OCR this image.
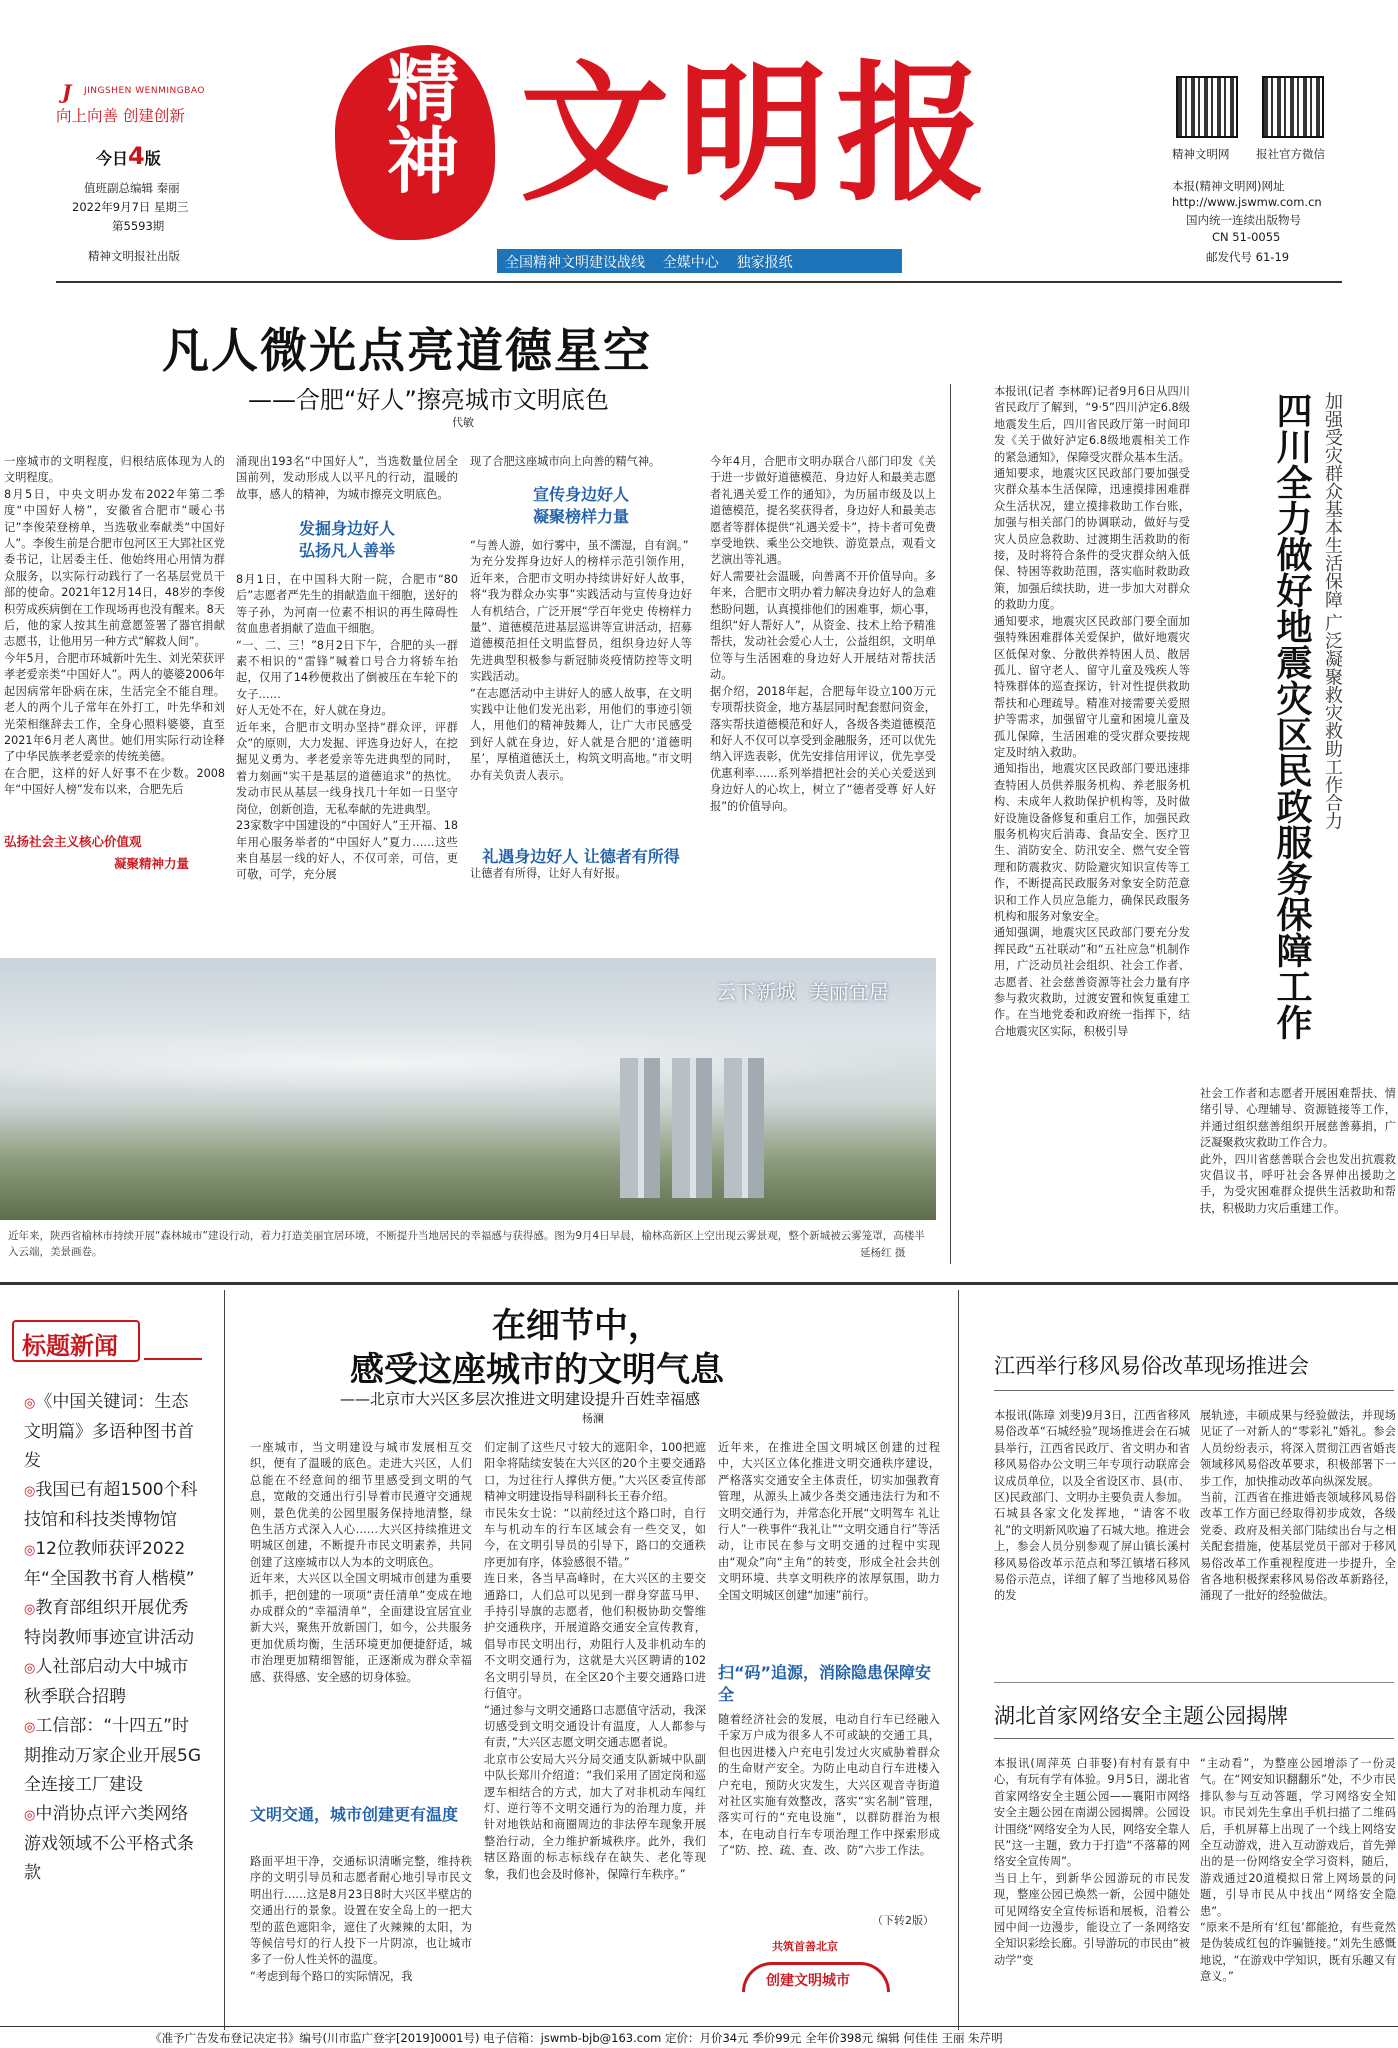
J JINGSHEN WENMINGBAO
向上向善 创建创新
今日4版
值班副总编辑 秦丽
2022年9月7日 星期三
第5593期
精神文明报社出版
精神 文明报
全国精神文明建设战线    全媒中心    独家报纸
精神文明网 报社官方微信
本报(精神文明网)网址
http://www.jswmw.com.cn
国内统一连续出版物号
CN 51-0055
邮发代号 61-19
凡人微光点亮道德星空
——合肥“好人”擦亮城市文明底色
代敏
一座城市的文明程度，归根结底体现为人的文明程度。
8月5日，中央文明办发布2022年第二季度“中国好人榜”，安徽省合肥市“暖心书记”李俊荣登榜单，当选敬业奉献类“中国好人”。李俊生前是合肥市包河区王大郢社区党委书记，让居委主任、他始终用心用情为群众服务，以实际行动践行了一名基层党员干部的使命。2021年12月14日，48岁的李俊积劳成疾病倒在工作现场再也没有醒来。8天后，他的家人按其生前意愿签署了器官捐献志愿书，让他用另一种方式“解救人间”。
今年5月，合肥市环城新叶先生、刘光荣获评孝老爱亲类“中国好人”。两人的婆婆2006年起因病常年卧病在床，生活完全不能自理。老人的两个儿子常年在外打工，叶先华和刘光荣相继辞去工作，全身心照料婆婆，直至2021年6月老人离世。她们用实际行动诠释了中华民族孝老爱亲的传统美德。
在合肥，这样的好人好事不在少数。2008年“中国好人榜”发布以来，合肥先后
弘扬社会主义核心价值观
凝聚精神力量
涌现出193名“中国好人”，当选数量位居全国前列，发动形成人以平凡的行动，温暖的故事，感人的精神，为城市擦亮文明底色。
发掘身边好人
弘扬凡人善举
8月1日，在中国科大附一院，合肥市“80后”志愿者严先生的捐献造血干细胞，送好的等子孙，为河南一位素不相识的再生障碍性贫血患者捐献了造血干细胞。
“一、二、三！”8月2日下午，合肥的头一群素不相识的“雷锋”喊着口号合力将轿车抬起，仅用了14秒便救出了倒被压在车轮下的女子……
好人无处不在，好人就在身边。
近年来，合肥市文明办坚持“群众评，评群众”的原则，大力发掘、评选身边好人，在挖掘见义勇为、孝老爱亲等先进典型的同时，着力刻画“实干是基层的道德追求”的热忱。发动市民从基层一线身找几十年如一日坚守岗位，创新创造，无私奉献的先进典型。
23家数字中国建设的“中国好人”王开福、18年用心服务举者的“中国好人”夏力……这些来自基层一线的好人，不仅可亲，可信，更可敬，可学，充分展
现了合肥这座城市向上向善的精气神。
宣传身边好人
凝聚榜样力量
“与善人游，如行雾中，虽不濡湿，自有润。”
为充分发挥身边好人的榜样示范引领作用，近年来，合肥市文明办持续讲好好人故事，将“我为群众办实事”实践活动与宣传身边好人有机结合，广泛开展“学百年党史 传榜样力量”、道德模范进基层巡讲等宣讲活动，招募道德模范担任文明监督员，组织身边好人等先进典型积极参与新冠肺炎疫情防控等文明实践活动。
“在志愿活动中主讲好人的感人故事，在文明实践中让他们发光出彩，用他们的事迹引领人，用他们的精神鼓舞人，让广大市民感受到好人就在身边，好人就是合肥的‘道德明星’，厚植道德沃土，构筑文明高地。”市文明办有关负责人表示。
让德者有所得，让好人有好报。
今年4月，合肥市文明办联合八部门印发《关于进一步做好道德模范、身边好人和最美志愿者礼遇关爱工作的通知》，为历届市级及以上道德模范，提名奖获得者，身边好人和最美志愿者等群体提供“礼遇关爱卡”，持卡者可免费享受地铁、乘坐公交地铁、游览景点，观看文艺演出等礼遇。
好人需要社会温暖，向善离不开价值导向。多年来，合肥市文明办着力解决身边好人的急难愁盼问题，认真摸排他们的困难事，烦心事，组织“好人帮好人”，从资金、技术上给予精准帮扶，发动社会爱心人士，公益组织，文明单位等与生活困难的身边好人开展结对帮扶活动。
据介绍，2018年起，合肥每年设立100万元专项帮扶资金，地方基层同时配套慰问资金，落实帮扶道德模范和好人，各级各类道德模范和好人不仅可以享受到金融服务，还可以优先纳入评选表彰，优先安排信用评议，优先享受优惠利率……系列举措把社会的关心关爱送到身边好人的心坎上，树立了“德者受尊 好人好报”的价值导向。
礼遇身边好人 让德者有所得
本报讯(记者 李林晖)记者9月6日从四川省民政厅了解到，“9·5”四川泸定6.8级地震发生后，四川省民政厅第一时间印发《关于做好泸定6.8级地震相关工作的紧急通知》，保障受灾群众基本生活。
通知要求，地震灾区民政部门要加强受灾群众基本生活保障，迅速摸排困难群众生活状况，建立摸排救助工作台账，加强与相关部门的协调联动，做好与受灾人员应急救助、过渡期生活救助的衔接，及时将符合条件的受灾群众纳入低保、特困等救助范围，落实临时救助政策，加强后续扶助，进一步加大对群众的救助力度。
通知要求，地震灾区民政部门要全面加强特殊困难群体关爱保护，做好地震灾区低保对象、分散供养特困人员、散居孤儿、留守老人、留守儿童及残疾人等特殊群体的巡查探访，针对性提供救助帮扶和心理疏导。精准对接需要关爱照护等需求，加强留守儿童和困境儿童及孤儿保障，生活困难的受灾群众要按规定及时纳入救助。
通知指出，地震灾区民政部门要迅速排查特困人员供养服务机构、养老服务机构、未成年人救助保护机构等，及时做好设施设备修复和重启工作，加强民政服务机构灾后消毒、食品安全、医疗卫生、消防安全、防汛安全、燃气安全管理和防震救灾、防险避灾知识宣传等工作，不断提高民政服务对象安全防范意识和工作人员应急能力，确保民政服务机构和服务对象安全。
通知强调，地震灾区民政部门要充分发挥民政“五社联动”和“五社应急”机制作用，广泛动员社会组织、社会工作者、志愿者、社会慈善资源等社会力量有序参与救灾救助，过渡安置和恢复重建工作。在当地党委和政府统一指挥下，结合地震灾区实际，积极引导	四川全力做好地震灾区民政服务保障工作 加强受灾群众基本生活保障 广泛凝聚救灾救助工作合力
社会工作者和志愿者开展困难帮扶、情绪引导、心理辅导、资源链接等工作，并通过组织慈善组织开展慈善募捐，广泛凝聚救灾救助工作合力。
此外，四川省慈善联合会也发出抗震救灾倡议书，呼吁社会各界伸出援助之手，为受灾困难群众提供生活救助和帮扶，积极助力灾后重建工作。
云下新城  美丽宜居
近年来，陕西省榆林市持续开展“森林城市”建设行动，着力打造美丽宜居环境，不断提升当地居民的幸福感与获得感。图为9月4日早晨，榆林高新区上空出现云雾景观，整个新城被云雾笼罩，高楼半入云端，美景画卷。	延杨红 摄
标题新闻
◎《中国关键词：生态文明篇》多语种图书首发
◎我国已有超1500个科技馆和科技类博物馆
◎12位教师获评2022年“全国教书育人楷模”
◎教育部组织开展优秀特岗教师事迹宣讲活动
◎人社部启动大中城市秋季联合招聘
◎工信部：“十四五”时期推动万家企业开展5G全连接工厂建设
◎中消协点评六类网络游戏领域不公平格式条款
在细节中，
感受这座城市的文明气息
——北京市大兴区多层次推进文明建设提升百姓幸福感
杨澜
一座城市，当文明建设与城市发展相互交织，便有了温暖的底色。走进大兴区，人们总能在不经意间的细节里感受到文明的气息，宽敞的交通出行引导着市民遵守交通规则，景色优美的公园里服务保持地清整，绿色生活方式深入人心……大兴区持续推进文明城区创建，不断提升市民文明素养，共同创建了这座城市以人为本的文明底色。
近年来，大兴区以全国文明城市创建为重要抓手，把创建的一项项“责任清单”变成在地办成群众的“幸福清单”，全面建设宜居宜业新大兴，聚焦开放新国门，如今，公共服务更加优质均衡，生活环境更加便捷舒适，城市治理更加精细智能，正逐渐成为群众幸福感、获得感、安全感的切身体验。
文明交通，城市创建更有温度
路面平坦干净，交通标识清晰完整，维持秩序的文明引导员和志愿者耐心地引导市民文明出行……这是8月23日8时大兴区半壁店的交通出行的景象。设置在安全岛上的一把大型的蓝色遮阳伞，遮住了火辣辣的太阳，为等候信号灯的行人投下一片阴凉，也让城市多了一份人性关怀的温度。
“考虑到每个路口的实际情况，我
们定制了这些尺寸较大的遮阳伞，100把遮阳伞将陆续安装在大兴区的20个主要交通路口，为过往行人撑供方便。”大兴区委宣传部精神文明建设指导科副科长王春介绍。
市民朱女士说：“以前经过这个路口时，自行车与机动车的行车区域会有一些交叉，如今，在文明引导员的引导下，路口的交通秩序更加有序，体验感很不错。”
连日来，各当早高峰时，在大兴区的主要交通路口，人们总可以见到一群身穿蓝马甲、手持引导旗的志愿者，他们积极协助交警维护交通秩序，开展道路交通安全宣传教育，倡导市民文明出行，劝阻行人及非机动车的不文明交通行为，这就是大兴区聘请的102名文明引导员，在全区20个主要交通路口进行值守。
“通过参与文明交通路口志愿值守活动，我深切感受到文明交通设计有温度，人人都参与有责，”大兴区志愿文明交通志愿者说。
北京市公安局大兴分局交通支队新城中队副中队长郑川介绍道：“我们采用了固定岗和巡逻车相结合的方式，加大了对非机动车闯红灯、逆行等不文明交通行为的治理力度，并针对地铁站和商圈周边的非法停车现象开展整治行动，全力维护新城秩序。此外，我们辖区路面的标志标线存在缺失、老化等现象，我们也会及时修补，保障行车秩序。”
近年来，在推进全国文明城区创建的过程中，大兴区立体化推进文明交通秩序建设，严格落实交通安全主体责任，切实加强教育管理，从源头上减少各类交通违法行为和不文明交通行为，并常态化开展“文明驾车 礼让行人”一秩事件“我礼让”“文明交通自行”等活动，让市民在参与文明交通的过程中实现由“观众”向“主角”的转变，形成全社会共创文明环境、共享文明秩序的浓厚氛围，助力全国文明城区创建“加速”前行。
扫“码”追源，消除隐患保障安全
随着经济社会的发展，电动自行车已经融入千家万户成为很多人不可或缺的交通工具，但也因进楼入户充电引发过火灾威胁着群众的生命财产安全。为防止电动自行车进楼入户充电，预防火灾发生，大兴区观音寺街道对社区实施有效整改，落实“实名制”管理，落实可行的“充电设施”，以群防群治为根本，在电动自行车专项治理工作中探索形成了“防、控、疏、查、改、防”六步工作法。
（下转2版）
共筑首善北京
创建文明城市
江西举行移风易俗改革现场推进会
本报讯(陈璋 刘斐)9月3日，江西省移风易俗改革“石城经验”现场推进会在石城县举行，江西省民政厅、省文明办和省移风易俗办公文明三年专项行动联席会议成员单位，以及全省设区市、县(市、区)民政部门、文明办主要负责人参加。
石城县各家文化发挥地，“请客不收礼”的文明新风吹遍了石城大地。推进会上，参会人员分别参观了屏山镇长溪村移风易俗改革示范点和琴江镇堵石移风易俗示范点，详细了解了当地移风易俗的发
展轨迹，丰硕成果与经验做法，并现场见证了一对新人的“零彩礼”婚礼。参会人员纷纷表示，将深入贯彻江西省婚丧领域移风易俗改革要求，积极部署下一步工作，加快推动改革向纵深发展。
当前，江西省在推进婚丧领域移风易俗改革工作方面已经取得初步成效，各级党委、政府及相关部门陆续出台与之相关配套措施，使基层党员干部对于移风易俗改革工作重视程度进一步提升，全省各地积极探索移风易俗改革新路径，涌现了一批好的经验做法。
湖北首家网络安全主题公园揭牌
本报讯(周萍英 白菲娶)有村有景有中心，有玩有学有体验。9月5日，湖北省首家网络安全主题公园——襄阳市网络安全主题公园在南湖公园揭牌。公园设计围绕“网络安全为人民，网络安全靠人民”这一主题，致力于打造“不落幕的网络安全宣传周”。
当日上午，到新华公园游玩的市民发现，整座公园已焕然一新，公园中随处可见网络安全宣传标语和展板，沿着公园中间一边漫步，能设立了一条网络安全知识彩绘长廊。引导游玩的市民由“被动学”变
“主动看”，为整座公园增添了一份灵气。在“网安知识翻翻乐”处，不少市民排队参与互动答题，学习网络安全知识。市民刘先生拿出手机扫描了二维码后，手机屏幕上出现了一个线上网络安全互动游戏，进入互动游戏后，首先弹出的是一份网络安全学习资料，随后，游戏通过20道模拟日常上网场景的问题，引导市民从中找出“网络安全隐患”。
“原来不是所有‘红包’都能抢，有些竟然是伪装成红包的诈骗链接。”刘先生感慨地说，“在游戏中学知识，既有乐趣又有意义。”
《准予广告发布登记决定书》编号(川市监广登字[2019]0001号) 电子信箱：jswmb-bjb@163.com 定价：月价34元 季价99元 全年价398元 编辑 何佳佳 王丽 朱芹明
